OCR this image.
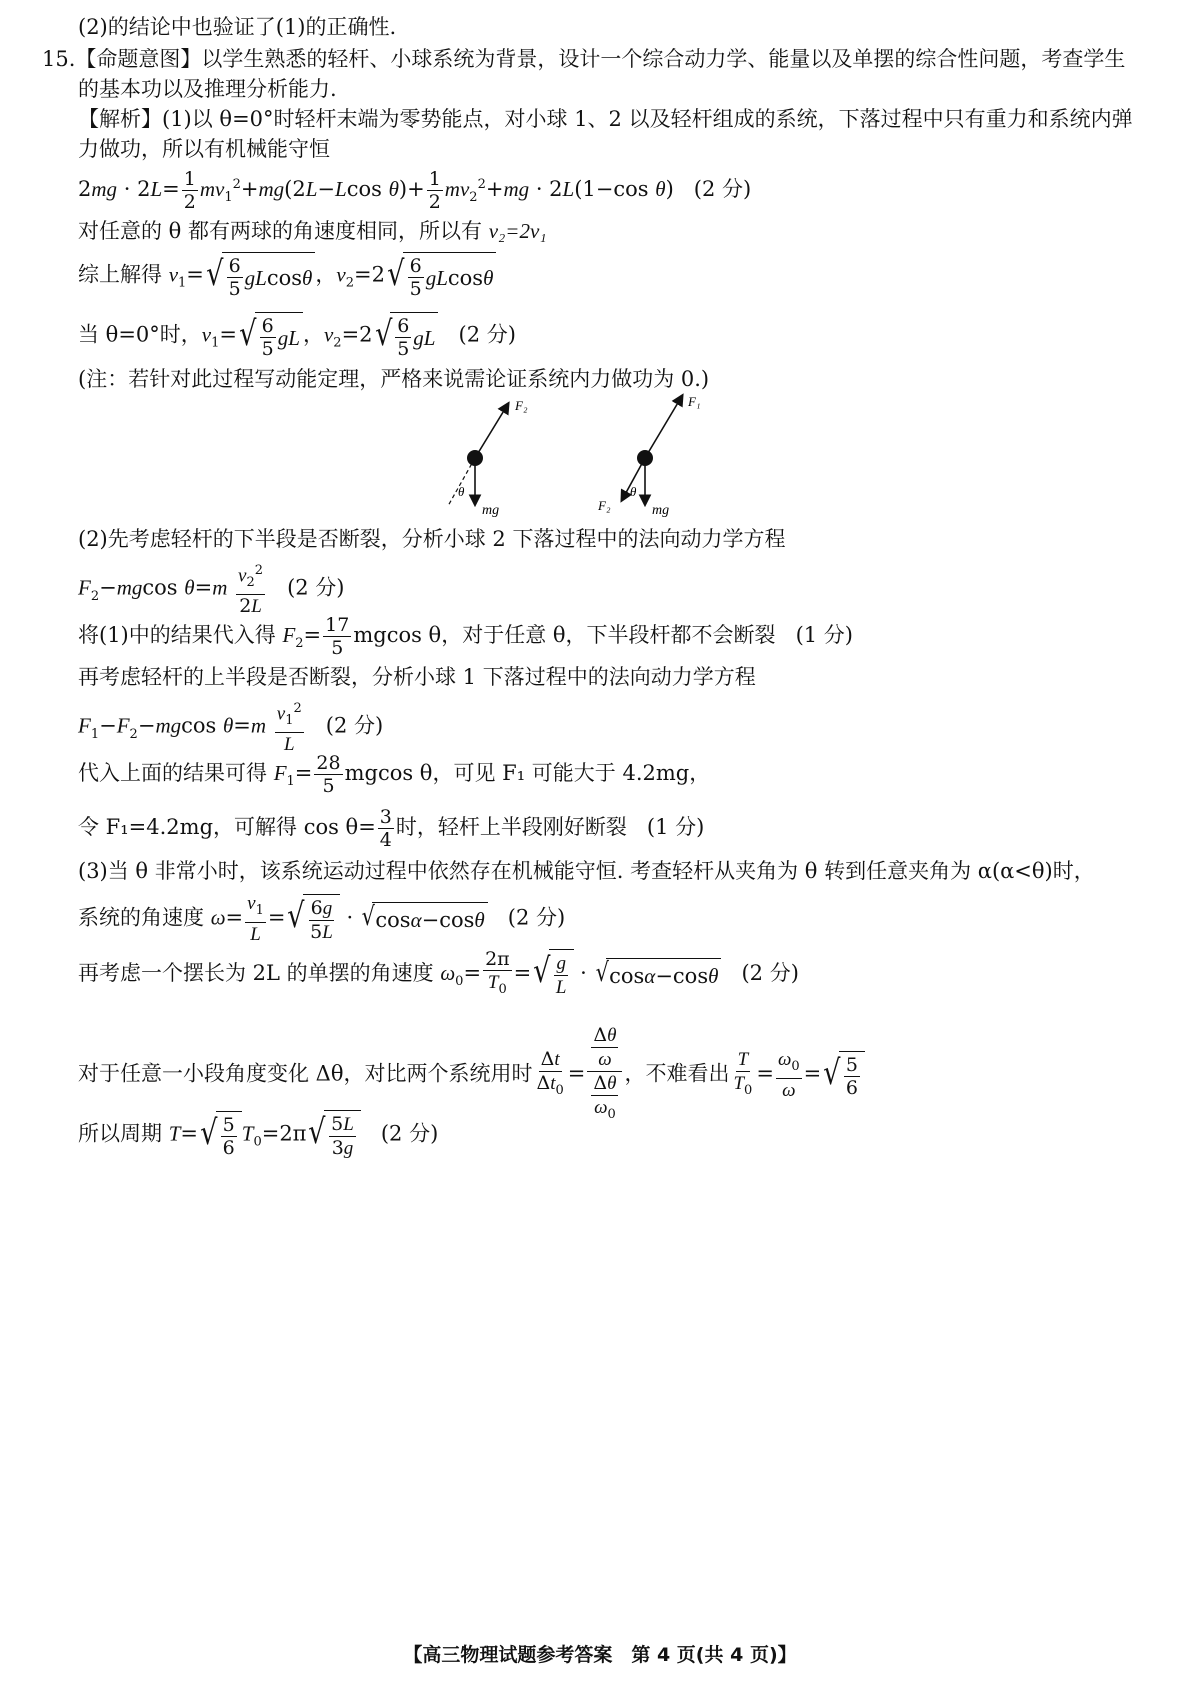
(2)的结论中也验证了(1)的正确性.
15.【命题意图】以学生熟悉的轻杆、小球系统为背景，设计一个综合动力学、能量以及单摆的综合性问题，考查学生
的基本功以及推理分析能力.
【解析】(1)以 θ=0°时轻杆末端为零势能点，对小球 1、2 以及轻杆组成的系统，下落过程中只有重力和系统内弹
力做功，所以有机械能守恒
$2mg \cdot 2L= \frac{1}{2} mv_1^2+mg(2L-Lcos$ $\theta)+ \frac{1}{2} mv_2^2+mg \cdot 2L(1-\cos$ θ)   (2 分)
对任意的 θ 都有两球的角速度相同，所以有 v₂=2v₁
综上解得 $v_1=$ √ $\frac{6}{5}$ gL cos θ ，$v_2=2$ √ $\frac{6}{5}$ gL cos θ
当 θ=0°时，$v_1=$ √ $\frac{6}{5}$ gL ，$v_2=2$ √ $\frac{6}{5}$ gL (2 分)
(注：若针对此过程写动能定理，严格来说需论证系统内力做功为 0.)
F₂
θ
mg
F₁
F₂
θ
mg
(2)先考虑轻杆的下半段是否断裂，分析小球 2 下落过程中的法向动力学方程
$F_2-mgcos$ $\theta=m \frac{v_2^2}{2L} (2$ 分)
将(1)中的结果代入得 $F_2= \frac{17}{5}$ mgcos θ，对于任意 θ，下半段杆都不会断裂 (1 分)
再考虑轻杆的上半段是否断裂，分析小球 1 下落过程中的法向动力学方程
$F_1-F_2-mgcos$ $\theta=m \frac{v_1^2}{L} (2$ 分)
代入上面的结果可得 $F_1= \frac{28}{5}$ mgcos θ，可见 F₁ 可能大于 4.2mg，
令 F₁=4.2mg，可解得 $\cos \theta= \frac{3}{4}$ 时，轻杆上半段刚好断裂 (1 分)
(3)当 θ 非常小时，该系统运动过程中依然存在机械能守恒. 考查轻杆从夹角为 θ 转到任意夹角为 α(α<θ)时，
系统的角速度 $\omega= \frac{v_1}{L}$ = √ $\frac{6g}{5L}$ · √ cos α −cos θ (2 分)
再考虑一个摆长为 2L 的单摆的角速度 $\omega_0= \frac{2\pi}{T_0}$ = √ $\frac{g}{L}$ · √ cos α −cos θ (2 分)
对于任意一小段角度变化 Δθ，对比两个系统用时 $\frac{\Delta t}{\Delta t_0} = \frac{\frac{\Delta\theta}{\omega}}{\frac{\Delta\theta}{\omega_0}}$ ，不难看出 $\frac{T}{T_0} = \frac{\omega_0}{\omega}$ = √ $\frac{5}{6}$
所以周期 T= √ $\frac{5}{6} T_0=2\pi$ √ $\frac{5L}{3g} (2$ 分)
【高三物理试题参考答案　第 4 页(共 4 页)】
